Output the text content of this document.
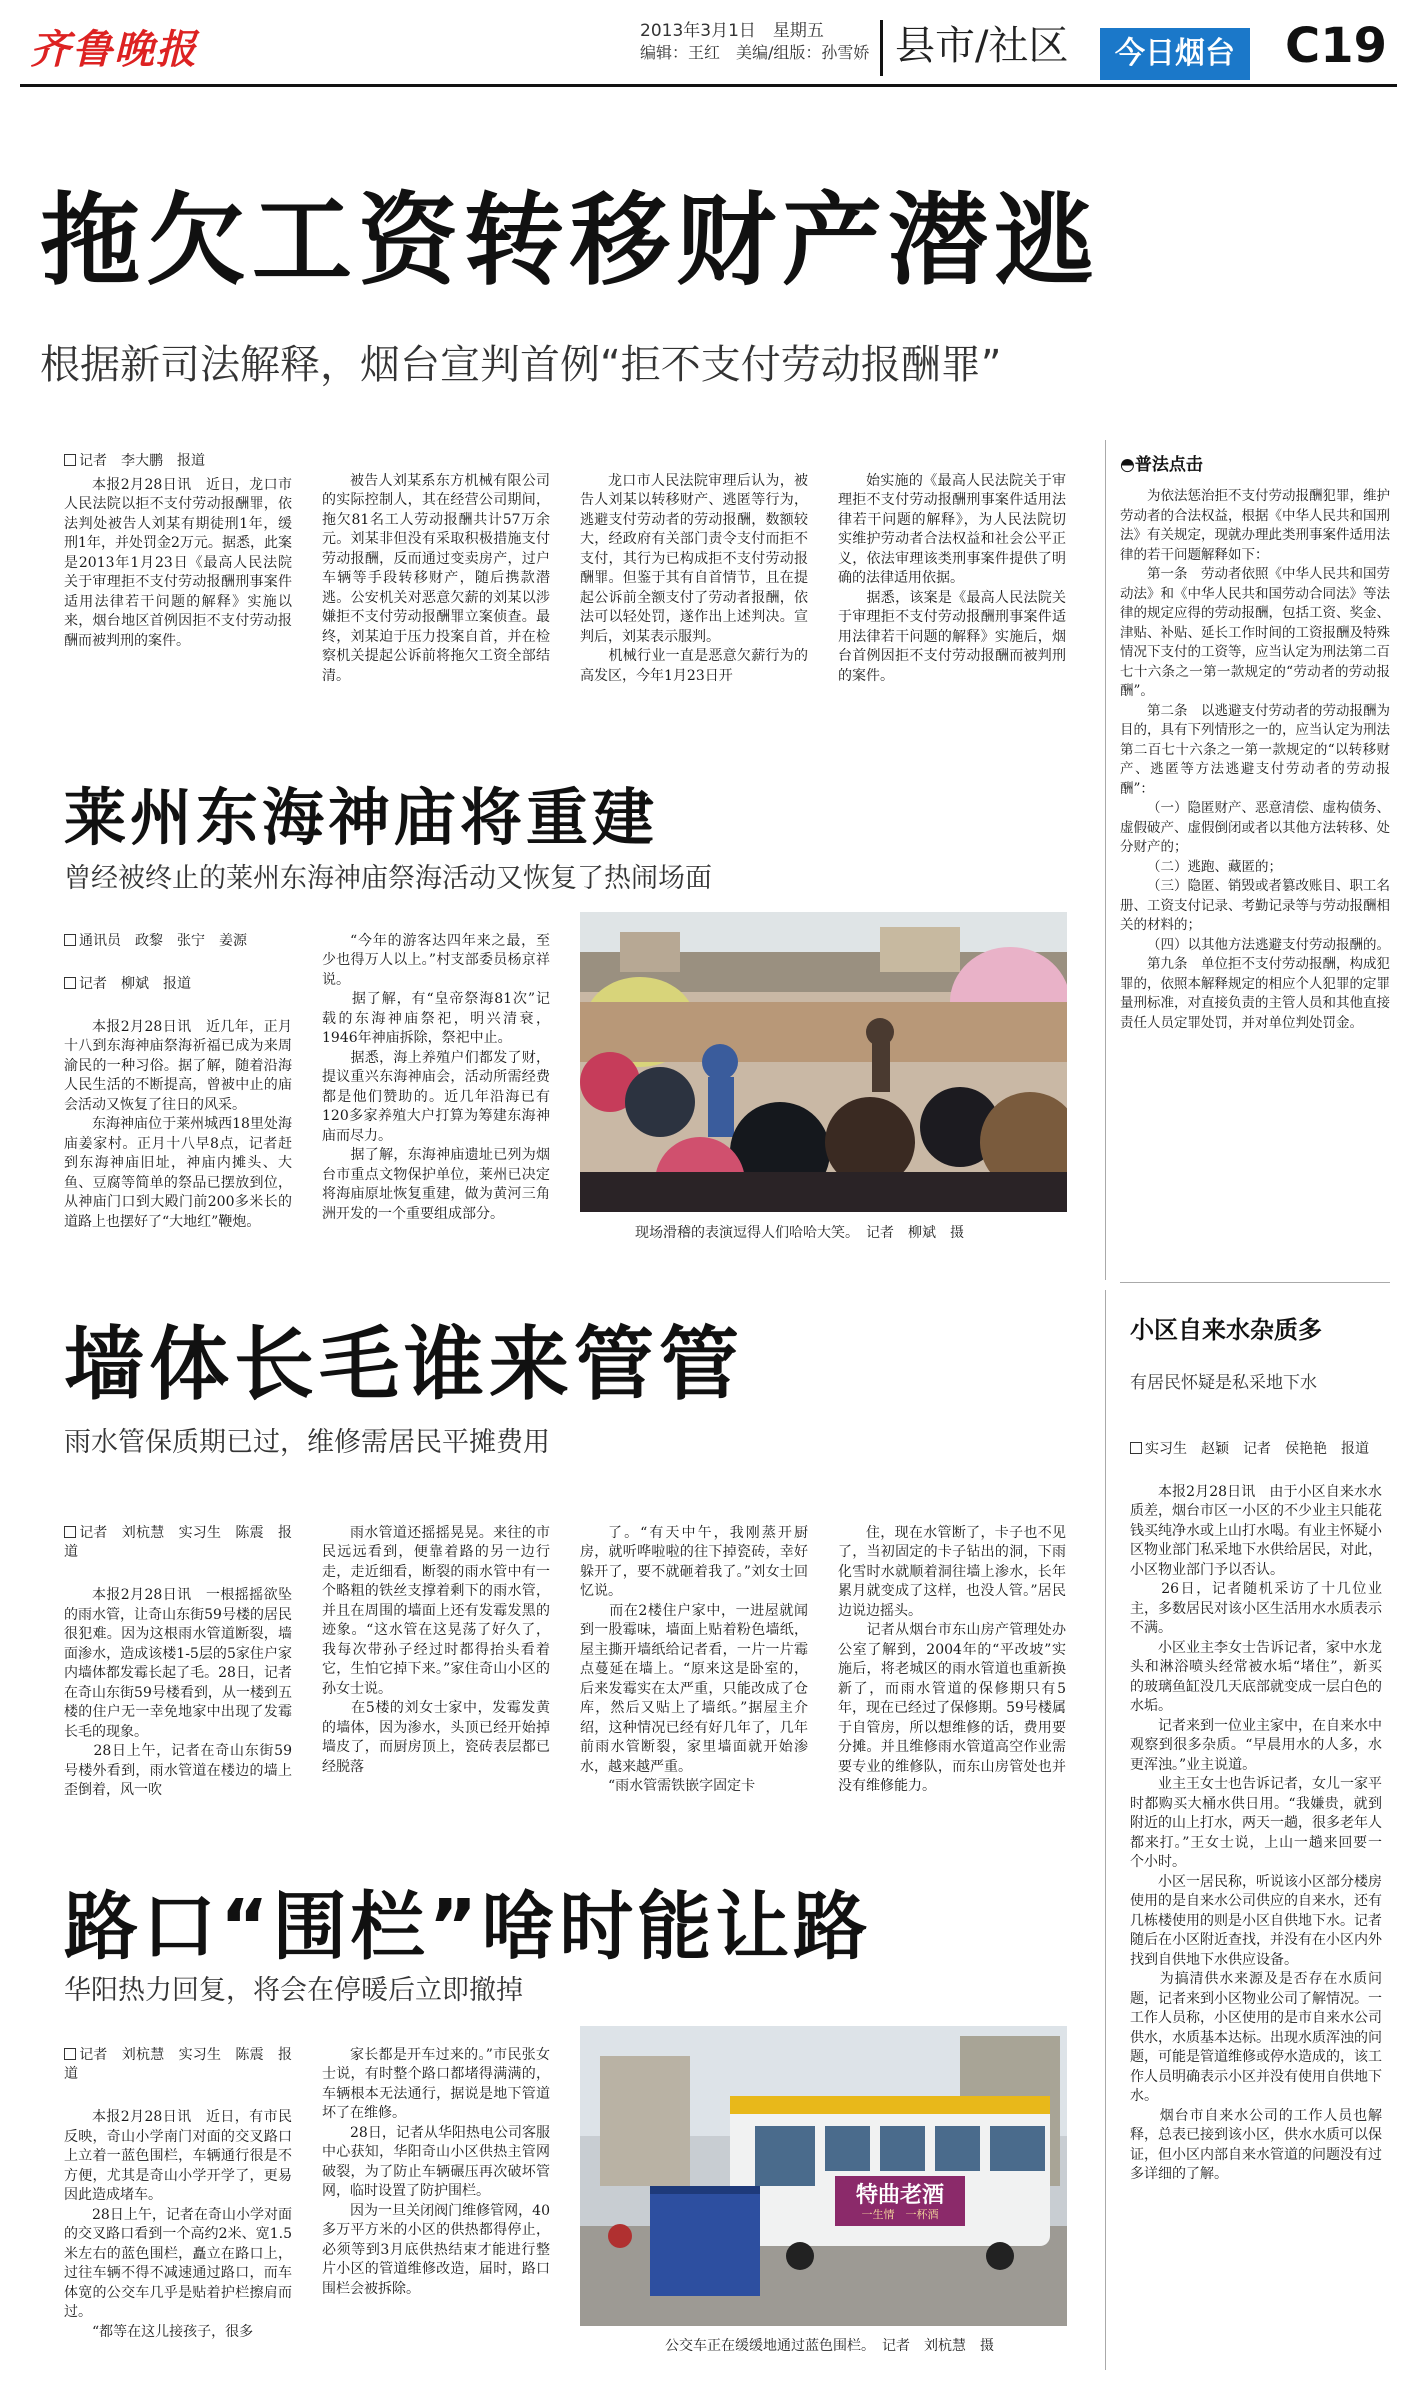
齐鲁晚报	2013年3月1日　星期五
编辑：王红　美编/组版：孙雪娇 县市/社区	今日烟台	C19
拖欠工资转移财产潜逃
根据新司法解释，烟台宣判首例“拒不支付劳动报酬罪”
记者　李大鹏　报道

本报2月28日讯　近日，龙口市人民法院以拒不支付劳动报酬罪，依法判处被告人刘某有期徒刑1年，缓刑1年，并处罚金2万元。据悉，此案是2013年1月23日《最高人民法院关于审理拒不支付劳动报酬刑事案件适用法律若干问题的解释》实施以来，烟台地区首例因拒不支付劳动报酬而被判刑的案件。

被告人刘某系东方机械有限公司的实际控制人，其在经营公司期间，拖欠81名工人劳动报酬共计57万余元。刘某非但没有采取积极措施支付劳动报酬，反而通过变卖房产，过户车辆等手段转移财产，随后携款潜逃。公安机关对恶意欠薪的刘某以涉嫌拒不支付劳动报酬罪立案侦查。最终，刘某迫于压力投案自首，并在检察机关提起公诉前将拖欠工资全部结清。

龙口市人民法院审理后认为，被告人刘某以转移财产、逃匿等行为，逃避支付劳动者的劳动报酬，数额较大，经政府有关部门责令支付而拒不支付，其行为已构成拒不支付劳动报酬罪。但鉴于其有自首情节，且在提起公诉前全额支付了劳动者报酬，依法可以轻处罚，遂作出上述判决。宣判后，刘某表示服判。
　　机械行业一直是恶意欠薪行为的高发区，今年1月23日开

始实施的《最高人民法院关于审理拒不支付劳动报酬刑事案件适用法律若干问题的解释》，为人民法院切实维护劳动者合法权益和社会公平正义，依法审理该类刑事案件提供了明确的法律适用依据。
　　据悉，该案是《最高人民法院关于审理拒不支付劳动报酬刑事案件适用法律若干问题的解释》实施后，烟台首例因拒不支付劳动报酬而被判刑的案件。

◓普法点击

为依法惩治拒不支付劳动报酬犯罪，维护劳动者的合法权益，根据《中华人民共和国刑法》有关规定，现就办理此类刑事案件适用法律的若干问题解释如下：

第一条　劳动者依照《中华人民共和国劳动法》和《中华人民共和国劳动合同法》等法律的规定应得的劳动报酬，包括工资、奖金、津贴、补贴、延长工作时间的工资报酬及特殊情况下支付的工资等，应当认定为刑法第二百七十六条之一第一款规定的“劳动者的劳动报酬”。

第二条　以逃避支付劳动者的劳动报酬为目的，具有下列情形之一的，应当认定为刑法第二百七十六条之一第一款规定的“以转移财产、逃匿等方法逃避支付劳动者的劳动报酬”：

（一）隐匿财产、恶意清偿、虚构债务、虚假破产、虚假倒闭或者以其他方法转移、处分财产的；

（二）逃跑、藏匿的；

（三）隐匿、销毁或者篡改账目、职工名册、工资支付记录、考勤记录等与劳动报酬相关的材料的；

（四）以其他方法逃避支付劳动报酬的。

第九条　单位拒不支付劳动报酬，构成犯罪的，依照本解释规定的相应个人犯罪的定罪量刑标准，对直接负责的主管人员和其他直接责任人员定罪处罚，并对单位判处罚金。

莱州东海神庙将重建
曾经被终止的莱州东海神庙祭海活动又恢复了热闹场面

通讯员　政黎　张宁　姜源

记者　柳斌　报道

本报2月28日讯　近几年，正月十八到东海神庙祭海祈福已成为来周渝民的一种习俗。据了解，随着沿海人民生活的不断提高，曾被中止的庙会活动又恢复了往日的风采。
　　东海神庙位于莱州城西18里处海庙姜家村。正月十八早8点，记者赶到东海神庙旧址，神庙内摊头、大鱼、豆腐等简单的祭品已摆放到位，从神庙门口到大殿门前200多米长的道路上也摆好了“大地红”鞭炮。

“今年的游客达四年来之最，至少也得万人以上。”村支部委员杨京祥说。
　　据了解，有“皇帝祭海81次”记载的东海神庙祭祀，明兴清衰，1946年神庙拆除，祭祀中止。
　　据悉，海上养殖户们都发了财，提议重兴东海神庙会，活动所需经费都是他们赞助的。近几年沿海已有120多家养殖大户打算为筹建东海神庙而尽力。
　　据了解，东海神庙遗址已列为烟台市重点文物保护单位，莱州已决定将海庙原址恢复重建，做为黄河三角洲开发的一个重要组成部分。

现场滑稽的表演逗得人们哈哈大笑。　记者　柳斌　摄
小区自来水杂质多
有居民怀疑是私采地下水

实习生　赵颖　记者　侯艳艳　报道

本报2月28日讯　由于小区自来水水质差，烟台市区一小区的不少业主只能花钱买纯净水或上山打水喝。有业主怀疑小区物业部门私采地下水供给居民，对此，小区物业部门予以否认。
　　26日，记者随机采访了十几位业主，多数居民对该小区生活用水水质表示不满。
　　小区业主李女士告诉记者，家中水龙头和淋浴喷头经常被水垢“堵住”，新买的玻璃鱼缸没几天底部就变成一层白色的水垢。
　　记者来到一位业主家中，在自来水中观察到很多杂质。“早晨用水的人多，水更浑浊。”业主说道。
　　业主王女士也告诉记者，女儿一家平时都购买大桶水供日用。“我嫌贵，就到附近的山上打水，两天一趟，很多老年人都来打。”王女士说，上山一趟来回要一个小时。
　　小区一居民称，听说该小区部分楼房使用的是自来水公司供应的自来水，还有几栋楼使用的则是小区自供地下水。记者随后在小区附近查找，并没有在小区内外找到自供地下水供应设备。
　　为搞清供水来源及是否存在水质问题，记者来到小区物业公司了解情况。一工作人员称，小区使用的是市自来水公司供水，水质基本达标。出现水质浑浊的问题，可能是管道维修或停水造成的，该工作人员明确表示小区并没有使用自供地下水。
　　烟台市自来水公司的工作人员也解释，总表已接到该小区，供水水质可以保证，但小区内部自来水管道的问题没有过多详细的了解。

墙体长毛谁来管管
雨水管保质期已过，维修需居民平摊费用

记者　刘杭慧　实习生　陈震　报道

本报2月28日讯　一根摇摇欲坠的雨水管，让奇山东街59号楼的居民很犯难。因为这根雨水管道断裂，墙面渗水，造成该楼1-5层的5家住户家内墙体都发霉长起了毛。28日，记者在奇山东街59号楼看到，从一楼到五楼的住户无一幸免地家中出现了发霉长毛的现象。
　　28日上午，记者在奇山东街59号楼外看到，雨水管道在楼边的墙上歪倒着，风一吹

雨水管道还摇摇晃晃。来往的市民远远看到，便靠着路的另一边行走，走近细看，断裂的雨水管中有一个略粗的铁丝支撑着剩下的雨水管，并且在周围的墙面上还有发霉发黑的迹象。“这水管在这晃荡了好久了，我每次带孙子经过时都得抬头看着它，生怕它掉下来。”家住奇山小区的孙女士说。
　　在5楼的刘女士家中，发霉发黄的墙体，因为渗水，头顶已经开始掉墙皮了，而厨房顶上，瓷砖表层都已经脱落

了。“有天中午，我刚蒸开厨房，就听哗啦啦的往下掉瓷砖，幸好躲开了，要不就砸着我了。”刘女士回忆说。
　　而在2楼住户家中，一进屋就闻到一股霉味，墙面上贴着粉色墙纸，屋主撕开墙纸给记者看，一片一片霉点蔓延在墙上。“原来这是卧室的，后来发霉实在太严重，只能改成了仓库，然后又贴上了墙纸。”据屋主介绍，这种情况已经有好几年了，几年前雨水管断裂，家里墙面就开始渗水，越来越严重。
　　“雨水管需铁嵌字固定卡

住，现在水管断了，卡子也不见了，当初固定的卡子钻出的洞，下雨化雪时水就顺着洞往墙上渗水，长年累月就变成了这样，也没人管。”居民边说边摇头。
　　记者从烟台市东山房产管理处办公室了解到，2004年的“平改坡”实施后，将老城区的雨水管道也重新换新了，而雨水管道的保修期只有5年，现在已经过了保修期。59号楼属于自管房，所以想维修的话，费用要分摊。并且维修雨水管道高空作业需要专业的维修队，而东山房管处也并没有维修能力。

路口“围栏”啥时能让路
华阳热力回复，将会在停暖后立即撤掉

记者　刘杭慧　实习生　陈震　报道

本报2月28日讯　近日，有市民反映，奇山小学南门对面的交叉路口上立着一蓝色围栏，车辆通行很是不方便，尤其是奇山小学开学了，更易因此造成堵车。
　　28日上午，记者在奇山小学对面的交叉路口看到一个高约2米、宽1.5米左右的蓝色围栏，矗立在路口上，过往车辆不得不减速通过路口，而车体宽的公交车几乎是贴着护栏擦肩而过。
　　“都等在这儿接孩子，很多

家长都是开车过来的。”市民张女士说，有时整个路口都堵得满满的，车辆根本无法通行，据说是地下管道坏了在维修。
　　28日，记者从华阳热电公司客服中心获知，华阳奇山小区供热主管网破裂，为了防止车辆碾压再次破坏管网，临时设置了防护围栏。
　　因为一旦关闭阀门维修管网，40多万平方米的小区的供热都得停止，必须等到3月底供热结束才能进行整片小区的管道维修改造，届时，路口围栏会被拆除。

特曲老酒
一生情　一杯酒
公交车正在缓缓地通过蓝色围栏。　记者　刘杭慧　摄
